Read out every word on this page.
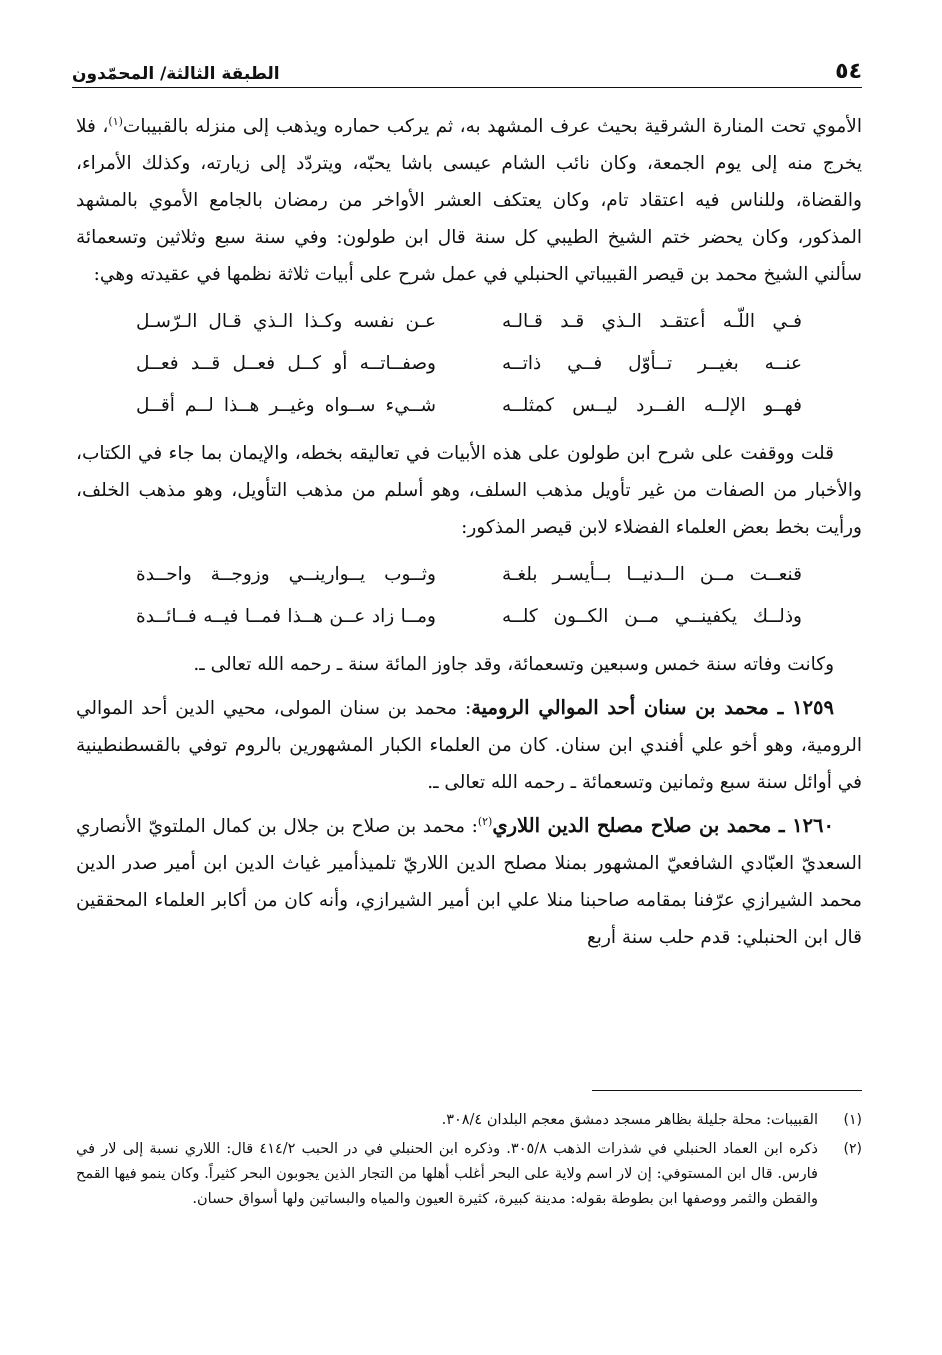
٥٤
الطبقة الثالثة/ المحمّدون

الأموي تحت المنارة الشرقية بحيث عرف المشهد به، ثم يركب حماره ويذهب إلى منزله بالقبيبات$^{(١)}$، فلا يخرج منه إلى يوم الجمعة، وكان نائب الشام عيسى باشا يحبّه، ويتردّد إلى زيارته، وكذلك الأمراء، والقضاة، وللناس فيه اعتقاد تام، وكان يعتكف العشر الأواخر من رمضان بالجامع الأموي بالمشهد المذكور، وكان يحضر ختم الشيخ الطيبي كل سنة قال ابن طولون: وفي سنة سبع وثلاثين وتسعمائة سألني الشيخ محمد بن قيصر القبيباتي الحنبلي في عمل شرح على أبيات ثلاثة نظمها في عقيدته وهي:

فـي اللّـه أعتقـد الـذي قـد قـالـه
عـن نفسه وكـذا الـذي قـال الـرّسـل
عنــه بغيــر تــأوّل فــي ذاتــه
وصفــاتــه أو كــل فعــل قــد فعــل
فهــو الإلــه الفــرد ليــس كمثلــه
شــيء ســواه وغيــر هــذا لــم أقــل

قلت ووقفت على شرح ابن طولون على هذه الأبيات في تعاليقه بخطه، والإيمان بما جاء في الكتاب، والأخبار من الصفات من غير تأويل مذهب السلف، وهو أسلم من مذهب التأويل، وهو مذهب الخلف، ورأيت بخط بعض العلماء الفضلاء لابن قيصر المذكور:

قنعــت مــن الــدنيــا بــأيسـر بلغـة
وثــوب يــوارينــي وزوجــة واحــدة
وذلــك يكفينــي مــن الكــون كلــه
ومــا زاد عــن هــذا فمــا فيــه فــائــدة

وكانت وفاته سنة خمس وسبعين وتسعمائة، وقد جاوز المائة سنة ـ رحمه الله تعالى ـ.

١٢٥٩ ـ محمد بن سنان أحد الموالي الرومية: محمد بن سنان المولى، محيي الدين أحد الموالي الرومية، وهو أخو علي أفندي ابن سنان. كان من العلماء الكبار المشهورين بالروم توفي بالقسطنطينية في أوائل سنة سبع وثمانين وتسعمائة ـ رحمه الله تعالى ـ.

١٢٦٠ ـ محمد بن صلاح مصلح الدين اللاري$^{(٢)}$: محمد بن صلاح بن جلال بن كمال الملتويّ الأنصاري السعديّ العبّادي الشافعيّ المشهور بمنلا مصلح الدين اللاريّ تلميذأمير غياث الدين ابن أمير صدر الدين محمد الشيرازي عرّفنا بمقامه صاحبنا منلا علي ابن أمير الشيرازي، وأنه كان من أكابر العلماء المحققين قال ابن الحنبلي: قدم حلب سنة أربع

(١)
القبيبات: محلة جليلة بظاهر مسجد دمشق معجم البلدان ٣٠٨/٤.
(٢)
ذكره ابن العماد الحنبلي في شذرات الذهب ٣٠٥/٨. وذكره ابن الحنبلي في در الحبب ٤١٤/٢ قال: اللاري نسبة إلى لار في فارس. قال ابن المستوفي: إن لار اسم ولاية على البحر أغلب أهلها من التجار الذين يجوبون البحر كثيراً. وكان ينمو فيها القمح والقطن والثمر ووصفها ابن بطوطة بقوله: مدينة كبيرة، كثيرة العيون والمياه والبساتين ولها أسواق حسان.
